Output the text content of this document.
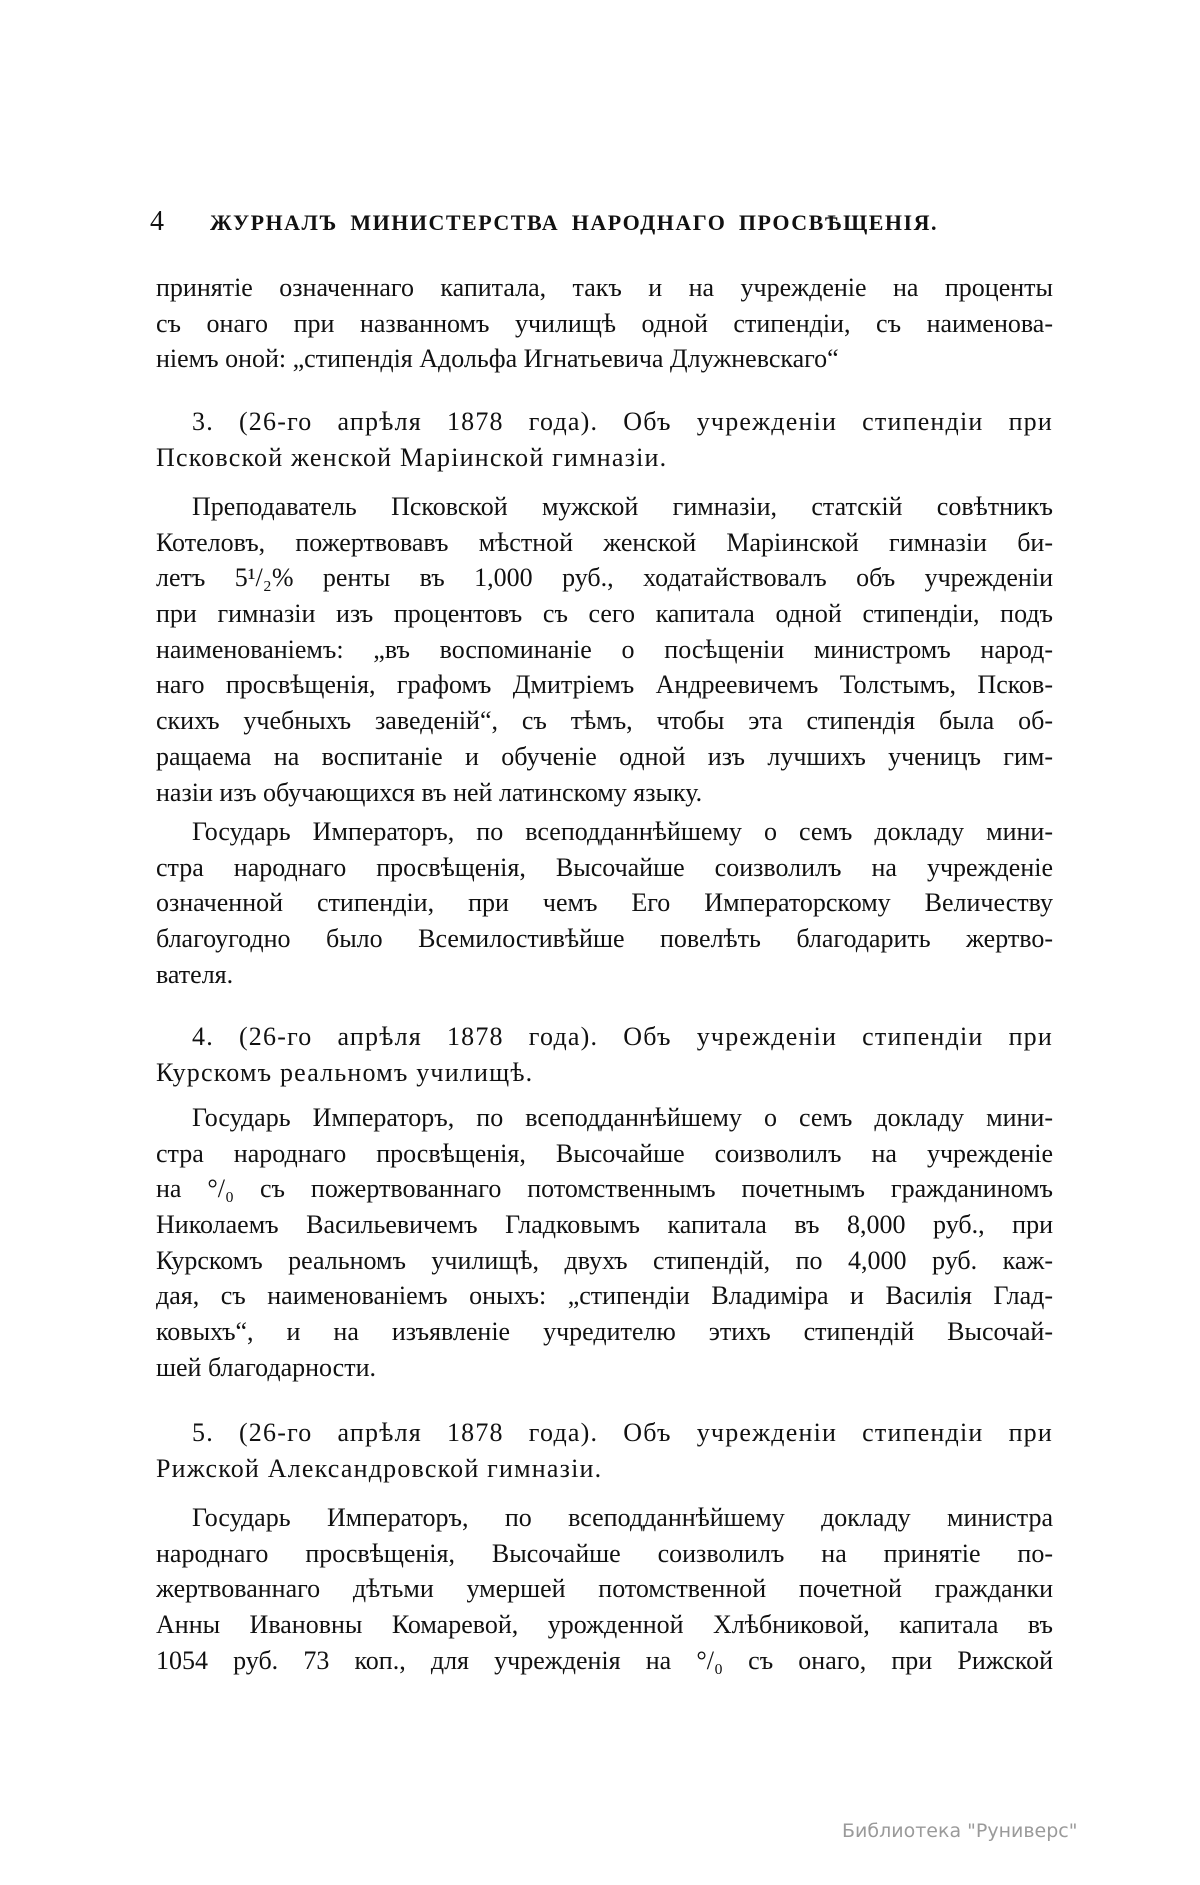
4 ЖУРНАЛЪ МИНИСТЕРСТВА НАРОДНАГО ПРОСВѢЩЕНІЯ.
принятіе означеннаго капитала, такъ и на учрежденіе на проценты
съ онаго при названномъ училищѣ одной стипендіи, съ наименова-
ніемъ оной: „стипендія Адольфа Игнатьевича Длужневскаго“
3. (26-го апрѣля 1878 года). Объ учрежденіи стипендіи при
Псковской женской Маріинской гимназіи.
Преподаватель Псковской мужской гимназіи, статскій совѣтникъ
Котеловъ, пожертвовавъ мѣстной женской Маріинской гимназіи би-
летъ 5¹/₂% ренты въ 1,000 руб., ходатайствовалъ объ учрежденіи
при гимназіи изъ процентовъ съ сего капитала одной стипендіи, подъ
наименованіемъ: „въ воспоминаніе о посѣщеніи министромъ народ-
наго просвѣщенія, графомъ Дмитріемъ Андреевичемъ Толстымъ, Псков-
скихъ учебныхъ заведеній“, съ тѣмъ, чтобы эта стипендія была об-
ращаема на воспитаніе и обученіе одной изъ лучшихъ ученицъ гим-
назіи изъ обучающихся въ ней латинскому языку.
Государь Императоръ, по всеподданнѣйшему о семъ докладу мини-
стра народнаго просвѣщенія, Высочайше соизволилъ на учрежденіе
означенной стипендіи, при чемъ Его Императорскому Величеству
благоугодно было Всемилостивѣйше повелѣть благодарить жертво-
вателя.
4. (26-го апрѣля 1878 года). Объ учрежденіи стипендіи при
Курскомъ реальномъ училищѣ.
Государь Императоръ, по всеподданнѣйшему о семъ докладу мини-
стра народнаго просвѣщенія, Высочайше соизволилъ на учрежденіе
на °/₀ съ пожертвованнаго потомственнымъ почетнымъ гражданиномъ
Николаемъ Васильевичемъ Гладковымъ капитала въ 8,000 руб., при
Курскомъ реальномъ училищѣ, двухъ стипендій, по 4,000 руб. каж-
дая, съ наименованіемъ оныхъ: „стипендіи Владиміра и Василія Глад-
ковыхъ“, и на изъявленіе учредителю этихъ стипендій Высочай-
шей благодарности.
5. (26-го апрѣля 1878 года). Объ учрежденіи стипендіи при
Рижской Александровской гимназіи.
Государь Императоръ, по всеподданнѣйшему докладу министра
народнаго просвѣщенія, Высочайше соизволилъ на принятіе по-
жертвованнаго дѣтьми умершей потомственной почетной гражданки
Анны Ивановны Комаревой, урожденной Хлѣбниковой, капитала въ
1054 руб. 73 коп., для учрежденія на °/₀ съ онаго, при Рижской
Библиотека "Руниверс"
